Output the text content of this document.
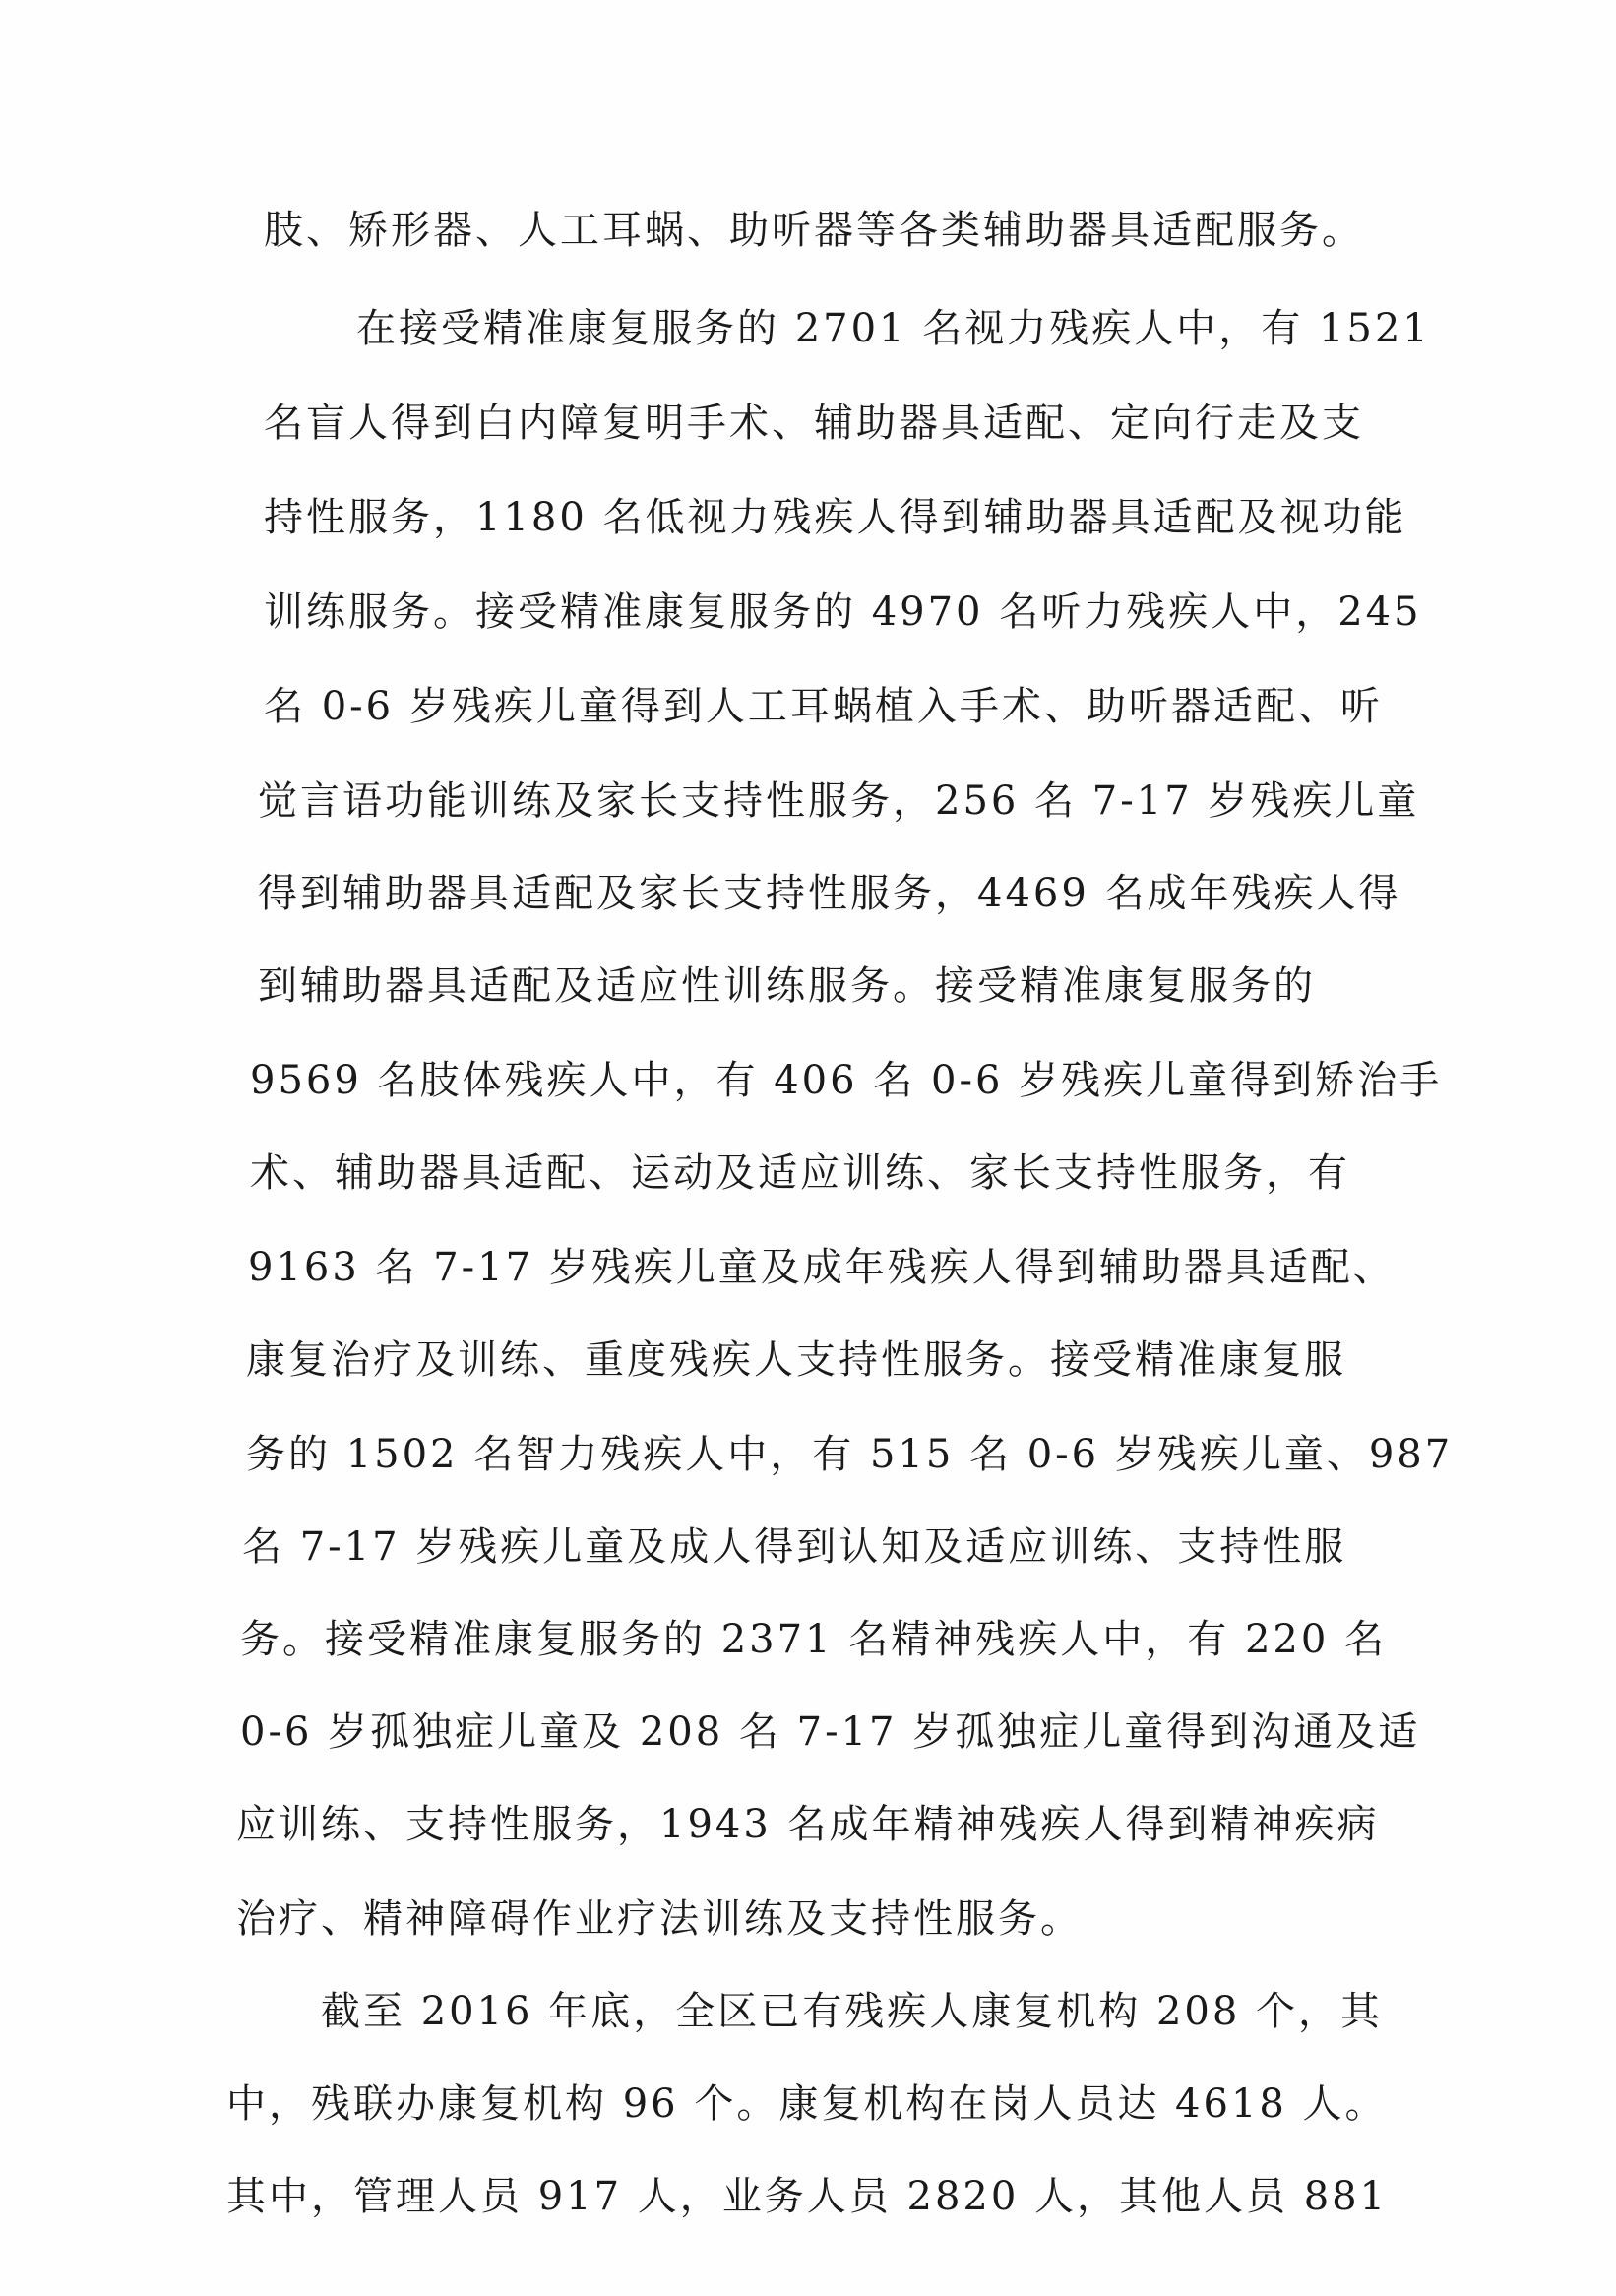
肢、矫形器、人工耳蜗、助听器等各类辅助器具适配服务。
在接受精准康复服务的 2701 名视力残疾人中，有 1521
名盲人得到白内障复明手术、辅助器具适配、定向行走及支
持性服务，1180 名低视力残疾人得到辅助器具适配及视功能
训练服务。接受精准康复服务的 4970 名听力残疾人中，245
名 0-6 岁残疾儿童得到人工耳蜗植入手术、助听器适配、听
觉言语功能训练及家长支持性服务，256 名 7-17 岁残疾儿童
得到辅助器具适配及家长支持性服务，4469 名成年残疾人得
到辅助器具适配及适应性训练服务。接受精准康复服务的
9569 名肢体残疾人中，有 406 名 0-6 岁残疾儿童得到矫治手
术、辅助器具适配、运动及适应训练、家长支持性服务，有
9163 名 7-17 岁残疾儿童及成年残疾人得到辅助器具适配、
康复治疗及训练、重度残疾人支持性服务。接受精准康复服
务的 1502 名智力残疾人中，有 515 名 0-6 岁残疾儿童、987
名 7-17 岁残疾儿童及成人得到认知及适应训练、支持性服
务。接受精准康复服务的 2371 名精神残疾人中，有 220 名
0-6 岁孤独症儿童及 208 名 7-17 岁孤独症儿童得到沟通及适
应训练、支持性服务，1943 名成年精神残疾人得到精神疾病
治疗、精神障碍作业疗法训练及支持性服务。
截至 2016 年底，全区已有残疾人康复机构 208 个，其
中，残联办康复机构 96 个。康复机构在岗人员达 4618 人。
其中，管理人员 917 人，业务人员 2820 人，其他人员 881
